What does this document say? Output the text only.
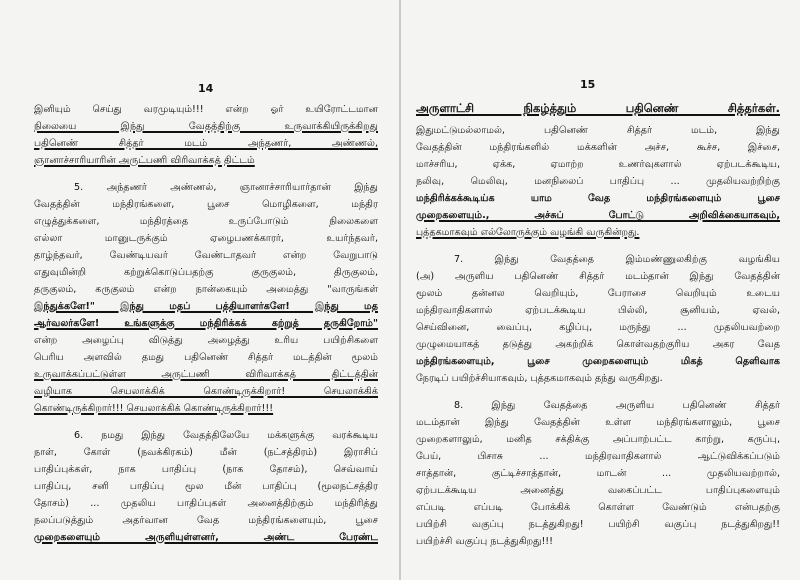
14
இனியும் செய்து வரமுடியும்!!! என்ற ஓர் உயிரோட்டமான
நிலையை இந்து வேதத்திற்கு உருவாக்கியிருக்கிறது
பதினெண் சித்தர் மடம் அந்தணர், அண்ணல்,
ஞானாச்சாரியாரின் அருட்பணி விரிவாக்கத் திட்டம்
5. அந்தணர் அண்ணல், ஞானாச்சாரியார்தான் இந்து
வேதத்தின் மந்திரங்களை, பூசை மொழிகளை, மந்திர
எழுத்துக்களை, மந்திரத்தை உருப்போடும் நிலைகளை
எல்லா மானுடருக்கும் ஏழைபணக்காரர், உயர்ந்தவர்,
தாழ்ந்தவர், வேண்டியவர் வேண்டாதவர் என்ற வேறுபாடு
எதுவுமின்றி கற்றுக்கொடுப்பதற்கு குருகுலம், திருகுலம்,
தருகுலம், கருகுலம் என்ற நான்கையும் அமைத்து "வாருங்கள்
இந்துக்களே!" இந்து மதப் பத்தியாளர்களே! இந்து மத
ஆர்வலர்களே! உங்களுக்கு மந்திரிக்கக் கற்றுத் தருகிறோம்"
என்ற அழைப்பு விடுத்து அழைத்து உரிய பயிற்சிகளை
பெரிய அளவில் தமது பதினெண் சித்தர் மடத்தின் மூலம்
உருவாக்கப்பட்டுள்ள அருட்பணி விரிவாக்கத் திட்டத்தின்
வழியாக செயலாக்கிக் கொண்டிருக்கிறார்! செயலாக்கிக்
கொண்டிருக்கிறார்!!! செயலாக்கிக் கொண்டிருக்கிறார்!!!
6. நமது இந்து வேதத்திலேயே மக்களுக்கு வரக்கூடிய
நாள், கோள் (நவக்கிரகம்) மீன் (நட்சத்திரம்) இராசிப்
பாதிப்புக்கள், நாக பாதிப்பு (நாக தோசம்), செவ்வாய்
பாதிப்பு, சனி பாதிப்பு மூல மீன் பாதிப்பு (மூலநட்சத்திர
தோசம்) ... முதலிய பாதிப்புகள் அனைத்திற்கும் மந்திரித்து
நலப்படுத்தும் அதர்வான வேத மந்திரங்களையும், பூசை
முறைகளையும் அருளியுள்ளனர், அண்ட பேரண்ட
15
அருளாட்சி நிகழ்த்தும் பதினெண் சித்தர்கள்.
இதுமட்டுமல்லாமல், பதினெண் சித்தர் மடம், இந்து
வேதத்தின் மந்திரங்களில் மக்களின் அச்ச, கூச்ச, இச்சை,
மாச்சரிய, ஏக்க, ஏமாற்ற உணர்வுகளால் ஏற்படக்கூடிய,
நலிவு, மெலிவு, மனநிலைப் பாதிப்பு ... முதலியவற்றிற்கு
மந்திரிக்கக்கூடிய்க யாம வேத மந்திரங்களையும் பூசை
முறைகளையும்., அச்சுப் போட்டு அறிவிக்கையாகவும்,
புத்தகமாகவும் எல்லோருக்கும் வழங்கி வருகின்றது.
7. இந்து வேதத்தை இம்மண்ணுலகிற்கு வழங்கிய
(அ) அருளிய பதினெண் சித்தர் மடம்தான் இந்து வேதத்தின்
மூலம் தன்னல வெறியும், பேராசை வெறியும் உடைய
மந்திரவாதிகளால் ஏற்படக்கூடிய பில்லி, சூனியம், ஏவல்,
செய்வினை, வைப்பு, கழிப்பு, மருந்து ... முதலியவற்றை
முழுமையாகத் தடுத்து அகற்றிக் கொள்வதற்குரிய அகர வேத
மந்திரங்களையும், பூசை முறைகளையும் மிகத் தெளிவாக
நேரடிப் பயிற்ச்சியாகவும், புத்தகமாகவும் தந்து வருகிறது.
8. இந்து வேதத்தை அருளிய பதினெண் சித்தர்
மடம்தான் இந்து வேதத்தின் உள்ள மந்திரங்களாலும், பூசை
முறைகளாலும், மனித சக்திக்கு அப்பாற்பட்ட காற்று, கருப்பு,
பேய், பிசாசு ... மந்திரவாதிகளால் ஆட்டுவிக்கப்படும்
சாத்தான், குட்டிச்சாத்தான், மாடன் ... முதலியவற்றால்,
ஏற்படக்கூடிய அனைத்து வகைப்பட்ட பாதிப்புகளையும்
எப்படி எப்படி போக்கிக் கொள்ள வேண்டும் என்பதற்கு
பயிற்சி வகுப்பு நடத்துகிறது! பயிற்சி வகுப்பு நடத்துகிறது!!
பயிற்ச்சி வகுப்பு நடத்துகிறது!!!
